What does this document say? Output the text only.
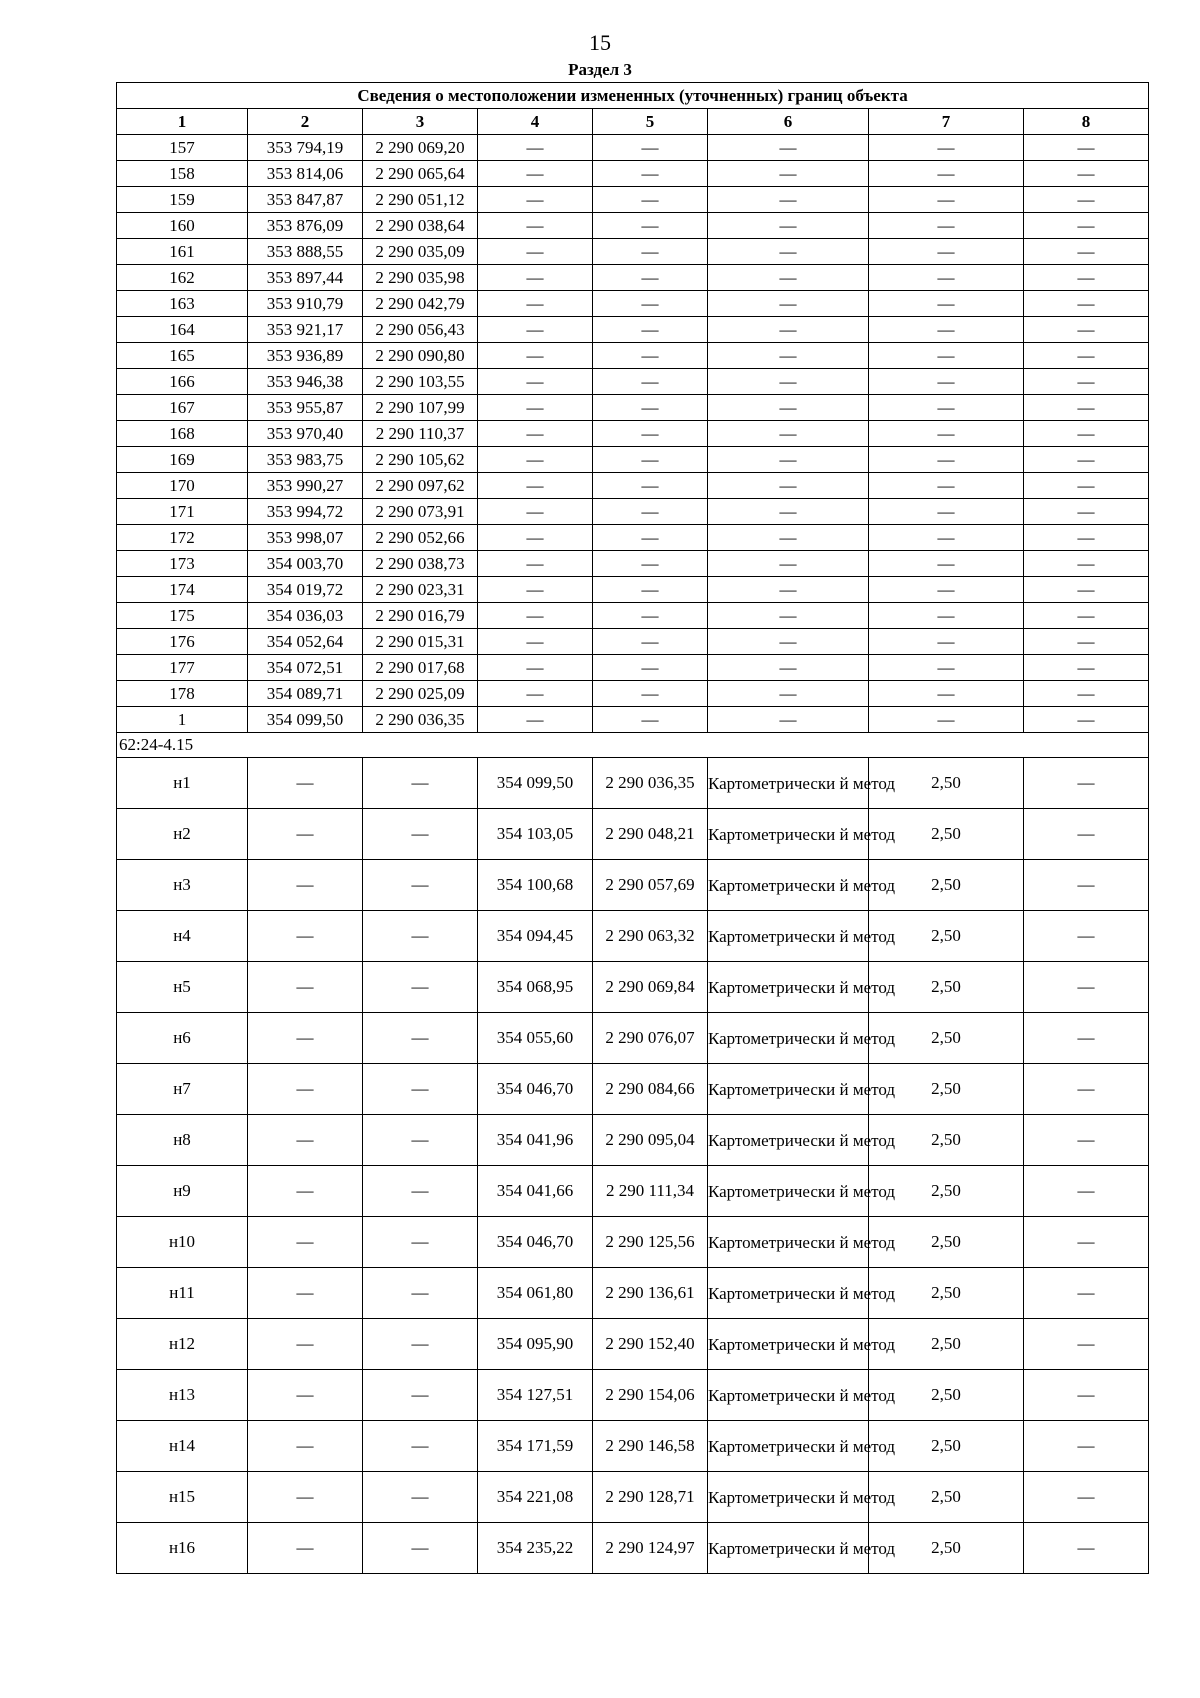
15
Раздел 3
Сведения о местоположении измененных (уточненных) границ объекта							
1	2	3	4	5	6	7	8
157	353 794,19	2 290 069,20	—	—	—	—	—
158	353 814,06	2 290 065,64	—	—	—	—	—
159	353 847,87	2 290 051,12	—	—	—	—	—
160	353 876,09	2 290 038,64	—	—	—	—	—
161	353 888,55	2 290 035,09	—	—	—	—	—
162	353 897,44	2 290 035,98	—	—	—	—	—
163	353 910,79	2 290 042,79	—	—	—	—	—
164	353 921,17	2 290 056,43	—	—	—	—	—
165	353 936,89	2 290 090,80	—	—	—	—	—
166	353 946,38	2 290 103,55	—	—	—	—	—
167	353 955,87	2 290 107,99	—	—	—	—	—
168	353 970,40	2 290 110,37	—	—	—	—	—
169	353 983,75	2 290 105,62	—	—	—	—	—
170	353 990,27	2 290 097,62	—	—	—	—	—
171	353 994,72	2 290 073,91	—	—	—	—	—
172	353 998,07	2 290 052,66	—	—	—	—	—
173	354 003,70	2 290 038,73	—	—	—	—	—
174	354 019,72	2 290 023,31	—	—	—	—	—
175	354 036,03	2 290 016,79	—	—	—	—	—
176	354 052,64	2 290 015,31	—	—	—	—	—
177	354 072,51	2 290 017,68	—	—	—	—	—
178	354 089,71	2 290 025,09	—	—	—	—	—
1	354 099,50	2 290 036,35	—	—	—	—	—
62:24-4.15							
н1	—	—	354 099,50	2 290 036,35	Картометрически й метод	2,50	—
н2	—	—	354 103,05	2 290 048,21	Картометрически й метод	2,50	—
н3	—	—	354 100,68	2 290 057,69	Картометрически й метод	2,50	—
н4	—	—	354 094,45	2 290 063,32	Картометрически й метод	2,50	—
н5	—	—	354 068,95	2 290 069,84	Картометрически й метод	2,50	—
н6	—	—	354 055,60	2 290 076,07	Картометрически й метод	2,50	—
н7	—	—	354 046,70	2 290 084,66	Картометрически й метод	2,50	—
н8	—	—	354 041,96	2 290 095,04	Картометрически й метод	2,50	—
н9	—	—	354 041,66	2 290 111,34	Картометрически й метод	2,50	—
н10	—	—	354 046,70	2 290 125,56	Картометрически й метод	2,50	—
н11	—	—	354 061,80	2 290 136,61	Картометрически й метод	2,50	—
н12	—	—	354 095,90	2 290 152,40	Картометрически й метод	2,50	—
н13	—	—	354 127,51	2 290 154,06	Картометрически й метод	2,50	—
н14	—	—	354 171,59	2 290 146,58	Картометрически й метод	2,50	—
н15	—	—	354 221,08	2 290 128,71	Картометрически й метод	2,50	—
н16	—	—	354 235,22	2 290 124,97	Картометрически й метод	2,50	—
